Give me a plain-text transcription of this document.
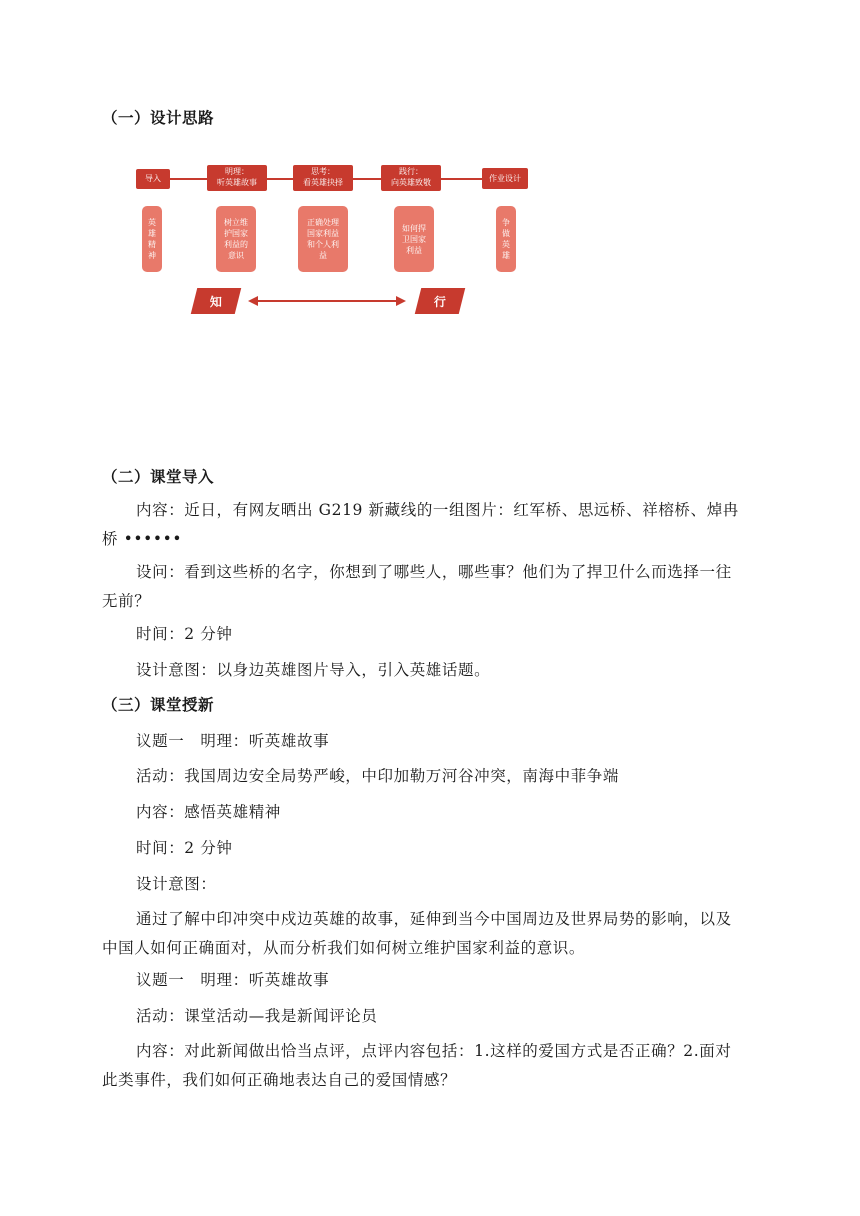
（一）设计思路
导入
明理：
听英雄故事
思考：
看英雄抉择
践行：
向英雄致敬	作业设计
英
雄
精
神
树立维
护国家
利益的
意识
正确处理
国家利益
和个人利
益
如何捍
卫国家
利益
争
做
英
雄
知	行
（二）课堂导入
内容：近日，有网友晒出 G219 新藏线的一组图片：红军桥、思远桥、祥榕桥、焯冉桥 ••••••
设问：看到这些桥的名字，你想到了哪些人，哪些事？他们为了捍卫什么而选择一往无前？
时间：2 分钟
设计意图：以身边英雄图片导入，引入英雄话题。
（三）课堂授新
议题一　明理：听英雄故事
活动：我国周边安全局势严峻，中印加勒万河谷冲突，南海中菲争端
内容：感悟英雄精神
时间：2 分钟
设计意图：
通过了解中印冲突中戍边英雄的故事，延伸到当今中国周边及世界局势的影响，以及中国人如何正确面对，从而分析我们如何树立维护国家利益的意识。
议题一　明理：听英雄故事
活动：课堂活动—我是新闻评论员
内容：对此新闻做出恰当点评，点评内容包括：1.这样的爱国方式是否正确？2.面对此类事件，我们如何正确地表达自己的爱国情感？
